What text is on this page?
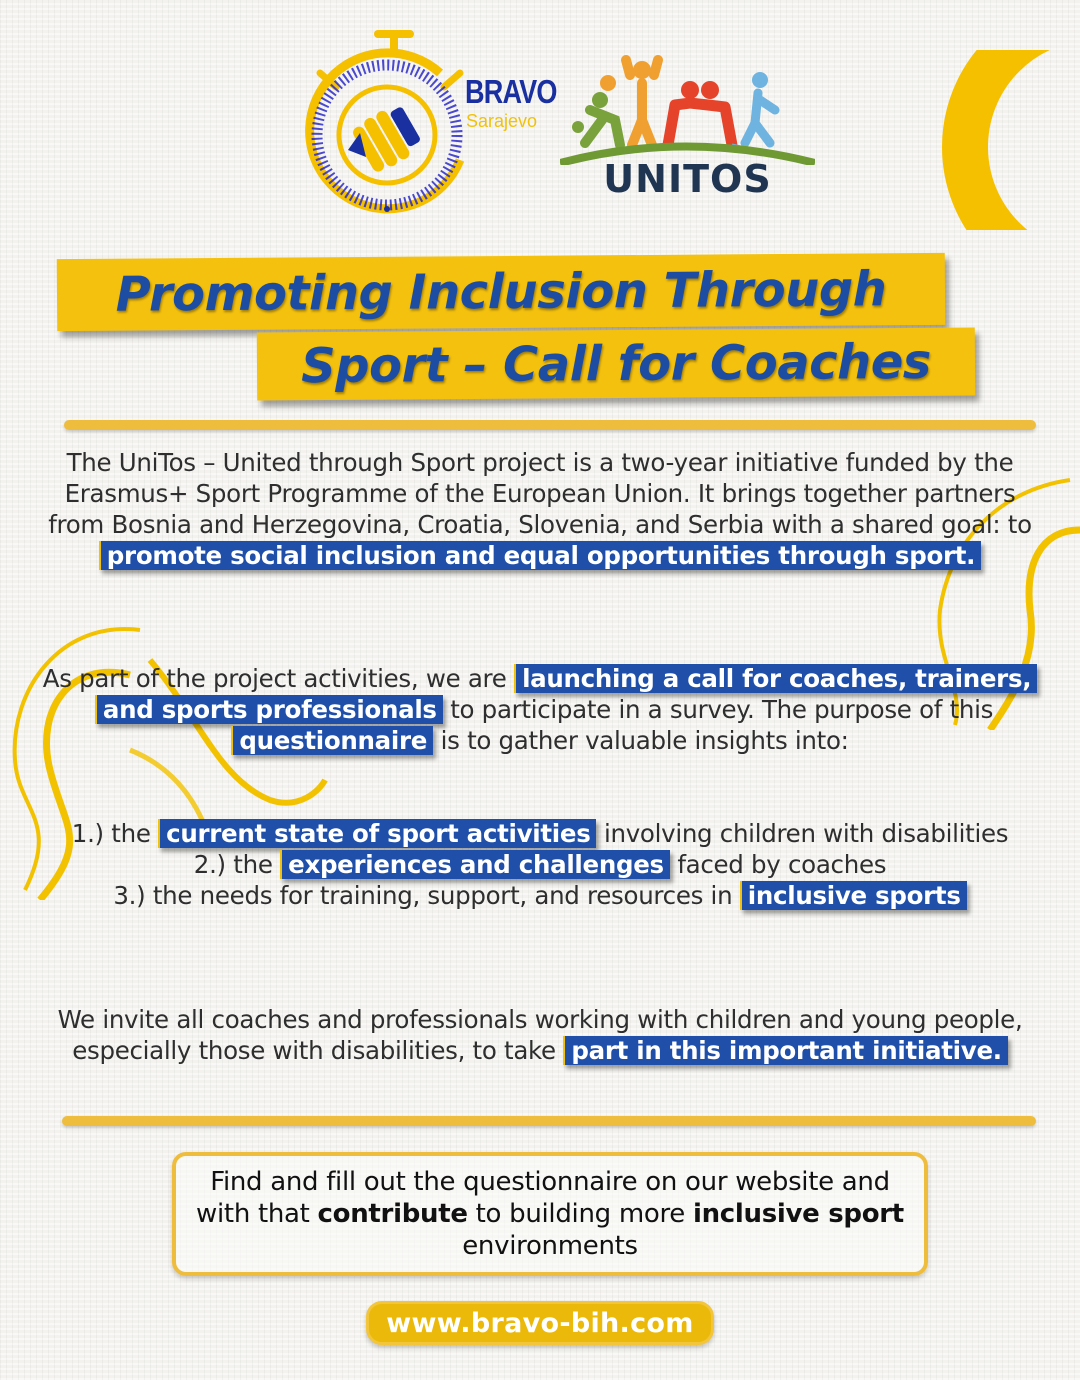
BRAVO
Sarajevo
UNITOS
Promoting Inclusion Through
Sport – Call for Coaches

The UniTos – United through Sport project is a two-year initiative funded by the Erasmus+ Sport Programme of the European Union. It brings together partners from Bosnia and Herzegovina, Croatia, Slovenia, and Serbia with a shared goal: to promote social inclusion and equal opportunities through sport.

As part of the project activities, we are launching a call for coaches, trainers, and sports professionals to participate in a survey. The purpose of this questionnaire is to gather valuable insights into:

1.) the current state of sport activities involving children with disabilities
2.) the experiences and challenges faced by coaches
3.) the needs for training, support, and resources in inclusive sports

We invite all coaches and professionals working with children and young people, especially those with disabilities, to take part in this important initiative.

Find and fill out the questionnaire on our website and with that contribute to building more inclusive sport environments

www.bravo-bih.com
